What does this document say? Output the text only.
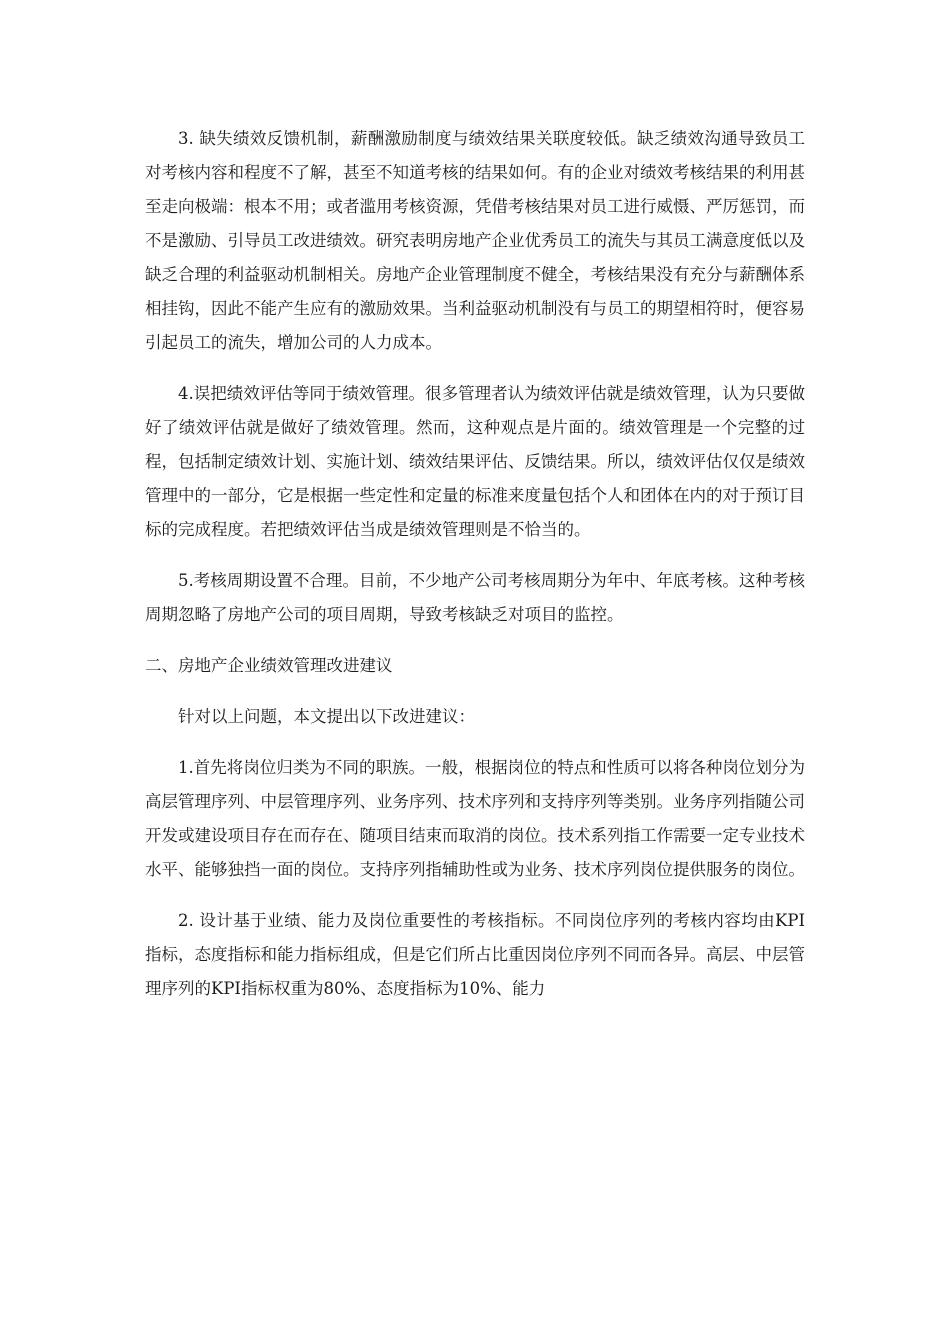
3. 缺失绩效反馈机制，薪酬激励制度与绩效结果关联度较低。缺乏绩效沟通导致员工对考核内容和程度不了解，甚至不知道考核的结果如何。有的企业对绩效考核结果的利用甚至走向极端：根本不用；或者滥用考核资源，凭借考核结果对员工进行威慑、严厉惩罚，而不是激励、引导员工改进绩效。研究表明房地产企业优秀员工的流失与其员工满意度低以及缺乏合理的利益驱动机制相关。房地产企业管理制度不健全，考核结果没有充分与薪酬体系相挂钩，因此不能产生应有的激励效果。当利益驱动机制没有与员工的期望相符时，便容易引起员工的流失，增加公司的人力成本。

4.误把绩效评估等同于绩效管理。很多管理者认为绩效评估就是绩效管理，认为只要做好了绩效评估就是做好了绩效管理。然而，这种观点是片面的。绩效管理是一个完整的过程，包括制定绩效计划、实施计划、绩效结果评估、反馈结果。所以，绩效评估仅仅是绩效管理中的一部分，它是根据一些定性和定量的标准来度量包括个人和团体在内的对于预订目标的完成程度。若把绩效评估当成是绩效管理则是不恰当的。

5.考核周期设置不合理。目前，不少地产公司考核周期分为年中、年底考核。这种考核周期忽略了房地产公司的项目周期，导致考核缺乏对项目的监控。

二、房地产企业绩效管理改进建议

针对以上问题，本文提出以下改进建议：

1.首先将岗位归类为不同的职族。一般，根据岗位的特点和性质可以将各种岗位划分为高层管理序列、中层管理序列、业务序列、技术序列和支持序列等类别。业务序列指随公司开发或建设项目存在而存在、随项目结束而取消的岗位。技术系列指工作需要一定专业技术水平、能够独挡一面的岗位。支持序列指辅助性或为业务、技术序列岗位提供服务的岗位。

2. 设计基于业绩、能力及岗位重要性的考核指标。不同岗位序列的考核内容均由KPI指标，态度指标和能力指标组成，但是它们所占比重因岗位序列不同而各异。高层、中层管理序列的KPI指标权重为80%、态度指标为10%、能力
